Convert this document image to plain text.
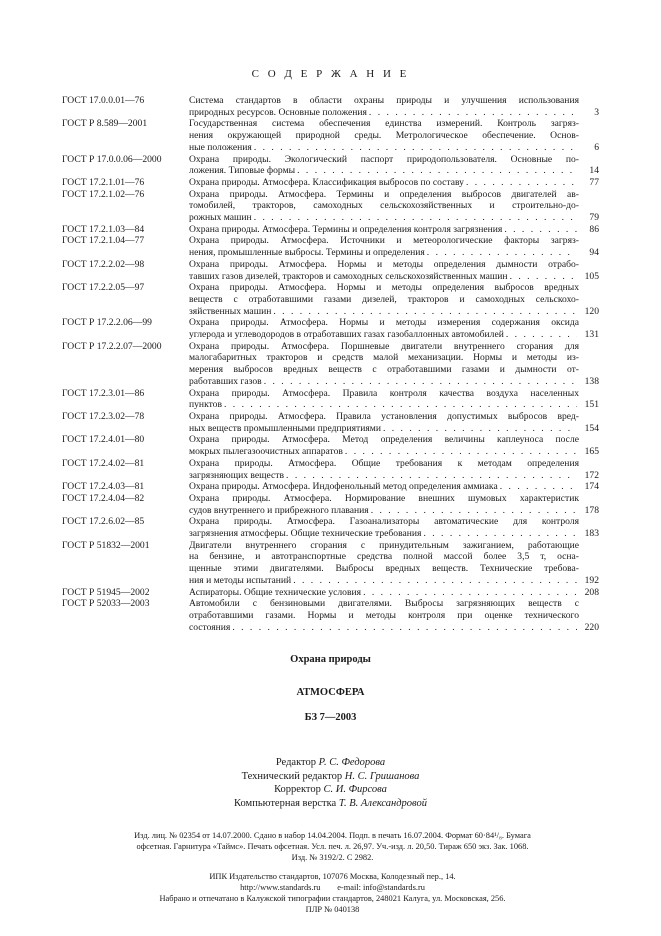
С О Д Е Р Ж А Н И Е
ГОСТ 17.0.0.01—76	Система стандартов в области охраны природы и улучшения использования
природных ресурсов. Основные положения . . .	3
ГОСТ Р 8.589—2001	Государственная система обеспечения единства измерений. Контроль загряз-
нения окружающей природной среды. Метрологическое обеспечение. Основ-
ные положения . . .	6
ГОСТ Р 17.0.0.06—2000	Охрана природы. Экологический паспорт природопользователя. Основные по-
ложения. Типовые формы . . .	14
ГОСТ 17.2.1.01—76	Охрана природы. Атмосфера. Классификация выбросов по составу . . .	77
ГОСТ 17.2.1.02—76	Охрана природы. Атмосфера. Термины и определения выбросов двигателей ав-
томобилей, тракторов, самоходных сельскохозяйственных и строительно-до-
рожных машин . . .	79
ГОСТ 17.2.1.03—84	Охрана природы. Атмосфера. Термины и определения контроля загрязнения . . .	86
ГОСТ 17.2.1.04—77	Охрана природы. Атмосфера. Источники и метеорологические факторы загряз-
нения, промышленные выбросы. Термины и определения . . .	94
ГОСТ 17.2.2.02—98	Охрана природы. Атмосфера. Нормы и методы определения дымности отрабо-
тавших газов дизелей, тракторов и самоходных сельскохозяйственных машин . . .	105
ГОСТ 17.2.2.05—97	Охрана природы. Атмосфера. Нормы и методы определения выбросов вредных
веществ с отработавшими газами дизелей, тракторов и самоходных сельскохо-
зяйственных машин . . .	120
ГОСТ Р 17.2.2.06—99	Охрана природы. Атмосфера. Нормы и методы измерения содержания оксида
углерода и углеводородов в отработавших газах газобаллонных автомобилей . . .	131
ГОСТ Р 17.2.2.07—2000	Охрана природы. Атмосфера. Поршневые двигатели внутреннего сгорания для
малогабаритных тракторов и средств малой механизации. Нормы и методы из-
мерения выбросов вредных веществ с отработавшими газами и дымности от-
работавших газов . . .	138
ГОСТ 17.2.3.01—86	Охрана природы. Атмосфера. Правила контроля качества воздуха населенных
пунктов . . .	151
ГОСТ 17.2.3.02—78	Охрана природы. Атмосфера. Правила установления допустимых выбросов вред-
ных веществ промышленными предприятиями . . .	154
ГОСТ 17.2.4.01—80	Охрана природы. Атмосфера. Метод определения величины каплеуноса после
мокрых пылегазоочистных аппаратов . . .	165
ГОСТ 17.2.4.02—81	Охрана природы. Атмосфера. Общие требования к методам определения
загрязняющих веществ . . .	172
ГОСТ 17.2.4.03—81	Охрана природы. Атмосфера. Индофенольный метод определения аммиака . . .	174
ГОСТ 17.2.4.04—82	Охрана природы. Атмосфера. Нормирование внешних шумовых характеристик
судов внутреннего и прибрежного плавания . . .	178
ГОСТ 17.2.6.02—85	Охрана природы. Атмосфера. Газоанализаторы автоматические для контроля
загрязнения атмосферы. Общие технические требования . . .	183
ГОСТ Р 51832—2001	Двигатели внутреннего сгорания с принудительным зажиганием, работающие
на бензине, и автотранспортные средства полной массой более 3,5 т, осна-
щенные этими двигателями. Выбросы вредных веществ. Технические требова-
ния и методы испытаний . . .	192
ГОСТ Р 51945—2002	Аспираторы. Общие технические условия . . .	208
ГОСТ Р 52033—2003	Автомобили с бензиновыми двигателями. Выбросы загрязняющих веществ с
отработавшими газами. Нормы и методы контроля при оценке технического
состояния . . .	220
Охрана природы
АТМОСФЕРА
БЗ 7—2003
Редактор Р. С. Федорова
Технический редактор Н. С. Гришанова
Корректор С. И. Фирсова
Компьютерная верстка Т. В. Александровой
Изд. лиц. № 02354 от 14.07.2000. Сдано в набор 14.04.2004. Подп. в печать 16.07.2004. Формат 60·84¹/₈. Бумага
офсетная. Гарнитура «Таймс». Печать офсетная. Усл. печ. л. 26,97. Уч.-изд. л. 20,50. Тираж 650 экз. Зак. 1068.
Изд. № 3192/2. С 2982.
ИПК Издательство стандартов, 107076 Москва, Колодезный пер., 14.
http://www.standards.ru        e-mail: info@standards.ru
Набрано и отпечатано в Калужской типографии стандартов, 248021 Калуга, ул. Московская, 256.
ПЛР № 040138
